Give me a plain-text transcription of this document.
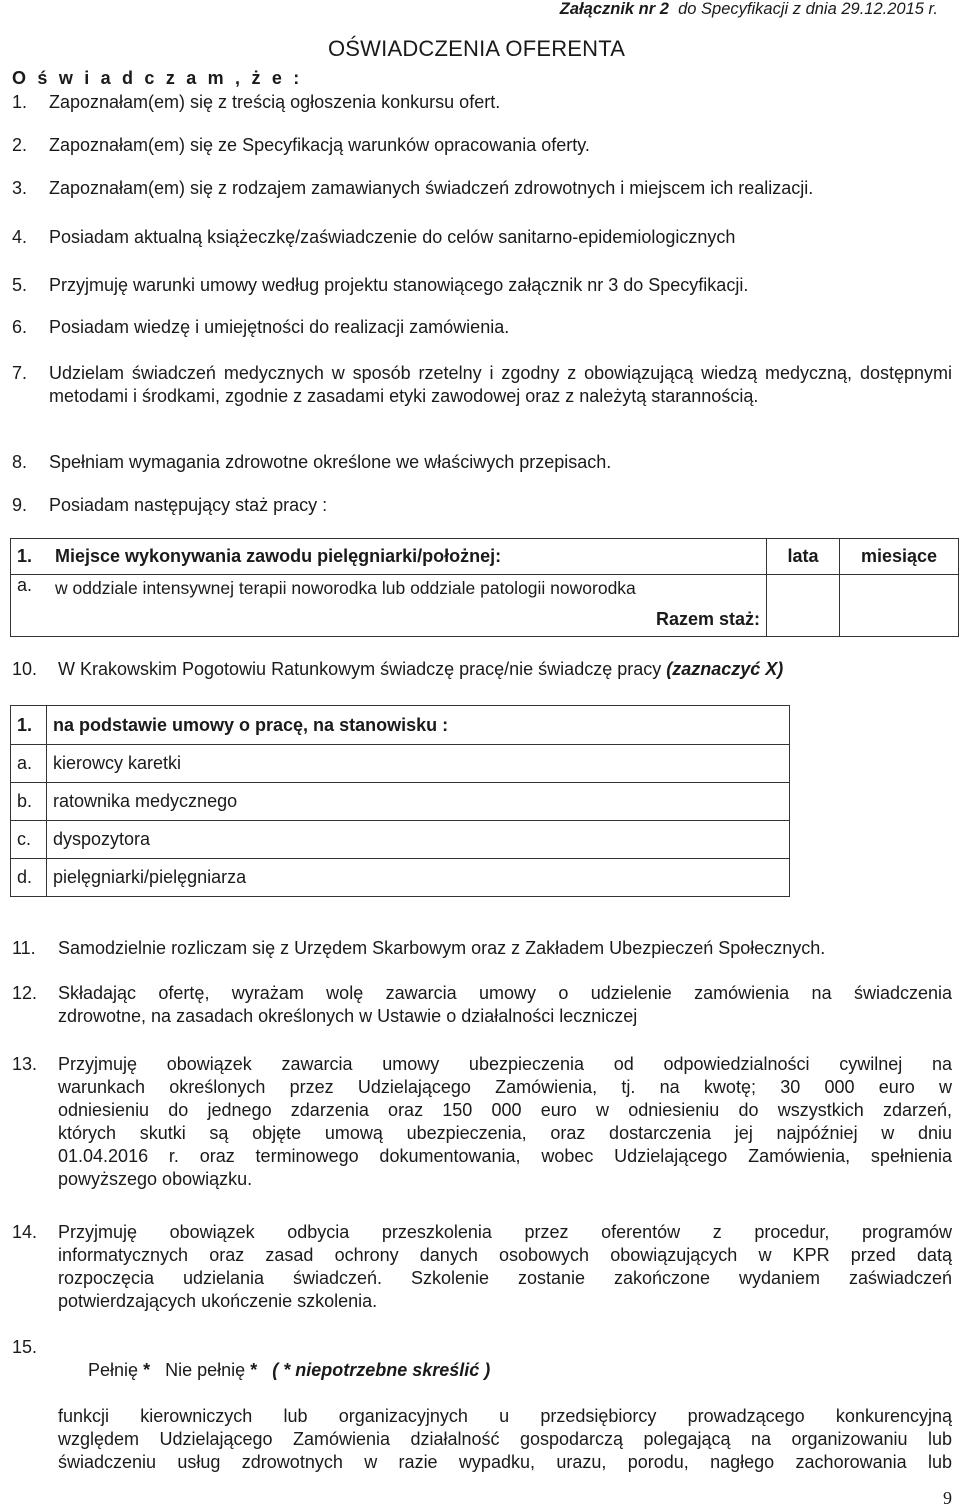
Załącznik nr 2 do Specyfikacji z dnia 29.12.2015 r.
OŚWIADCZENIA OFERENTA
O ś w i a d c z a m , ż e :
1. Zapoznałam(em) się z treścią ogłoszenia konkursu ofert.
2. Zapoznałam(em) się ze Specyfikacją warunków opracowania oferty.
3. Zapoznałam(em) się z rodzajem zamawianych świadczeń zdrowotnych i miejscem ich realizacji.
4. Posiadam aktualną książeczkę/zaświadczenie do celów sanitarno-epidemiologicznych
5. Przyjmuję warunki umowy według projektu stanowiącego załącznik nr 3 do Specyfikacji.
6. Posiadam wiedzę i umiejętności do realizacji zamówienia.
7. Udzielam świadczeń medycznych w sposób rzetelny i zgodny z obowiązującą wiedzą medyczną, dostępnymi metodami i środkami, zgodnie z zasadami etyki zawodowej oraz z należytą starannością.
8. Spełniam wymagania zdrowotne określone we właściwych przepisach.
9. Posiadam następujący staż pracy :
1.	Miejsce wykonywania zawodu pielęgniarki/położnej:	lata	miesiące
a.	w oddziale intensywnej terapii noworodka lub oddziale patologii noworodka		
	Razem staż:		
10. W Krakowskim Pogotowiu Ratunkowym świadczę pracę/nie świadczę pracy (zaznaczyć X)
1.	na podstawie umowy o pracę, na stanowisku :
a.	kierowcy karetki
b.	ratownika medycznego
c.	dyspozytora
d.	pielęgniarki/pielęgniarza
11. Samodzielnie rozliczam się z Urzędem Skarbowym oraz z Zakładem Ubezpieczeń Społecznych.
12. Składając ofertę, wyrażam wolę zawarcia umowy o udzielenie zamówienia na świadczenia
zdrowotne, na zasadach określonych w Ustawie o działalności leczniczej
13. Przyjmuję obowiązek zawarcia umowy ubezpieczenia od odpowiedzialności cywilnej na
warunkach określonych przez Udzielającego Zamówienia, tj. na kwotę; 30 000 euro w
odniesieniu do jednego zdarzenia oraz 150 000 euro w odniesieniu do wszystkich zdarzeń,
których skutki są objęte umową ubezpieczenia, oraz dostarczenia jej najpóźniej w dniu
01.04.2016 r. oraz terminowego dokumentowania, wobec Udzielającego Zamówienia, spełnienia
powyższego obowiązku.
14. Przyjmuję obowiązek odbycia przeszkolenia przez oferentów z procedur, programów
informatycznych oraz zasad ochrony danych osobowych obowiązujących w KPR przed datą
rozpoczęcia udzielania świadczeń. Szkolenie zostanie zakończone wydaniem zaświadczeń
potwierdzających ukończenie szkolenia.
15.

Pełnię * Nie pełnię * ( * niepotrzebne skreślić )

funkcji kierowniczych lub organizacyjnych u przedsiębiorcy prowadzącego konkurencyjną
względem Udzielającego Zamówienia działalność gospodarczą polegającą na organizowaniu lub
świadczeniu usług zdrowotnych w razie wypadku, urazu, porodu, nagłego zachorowania lub
9
